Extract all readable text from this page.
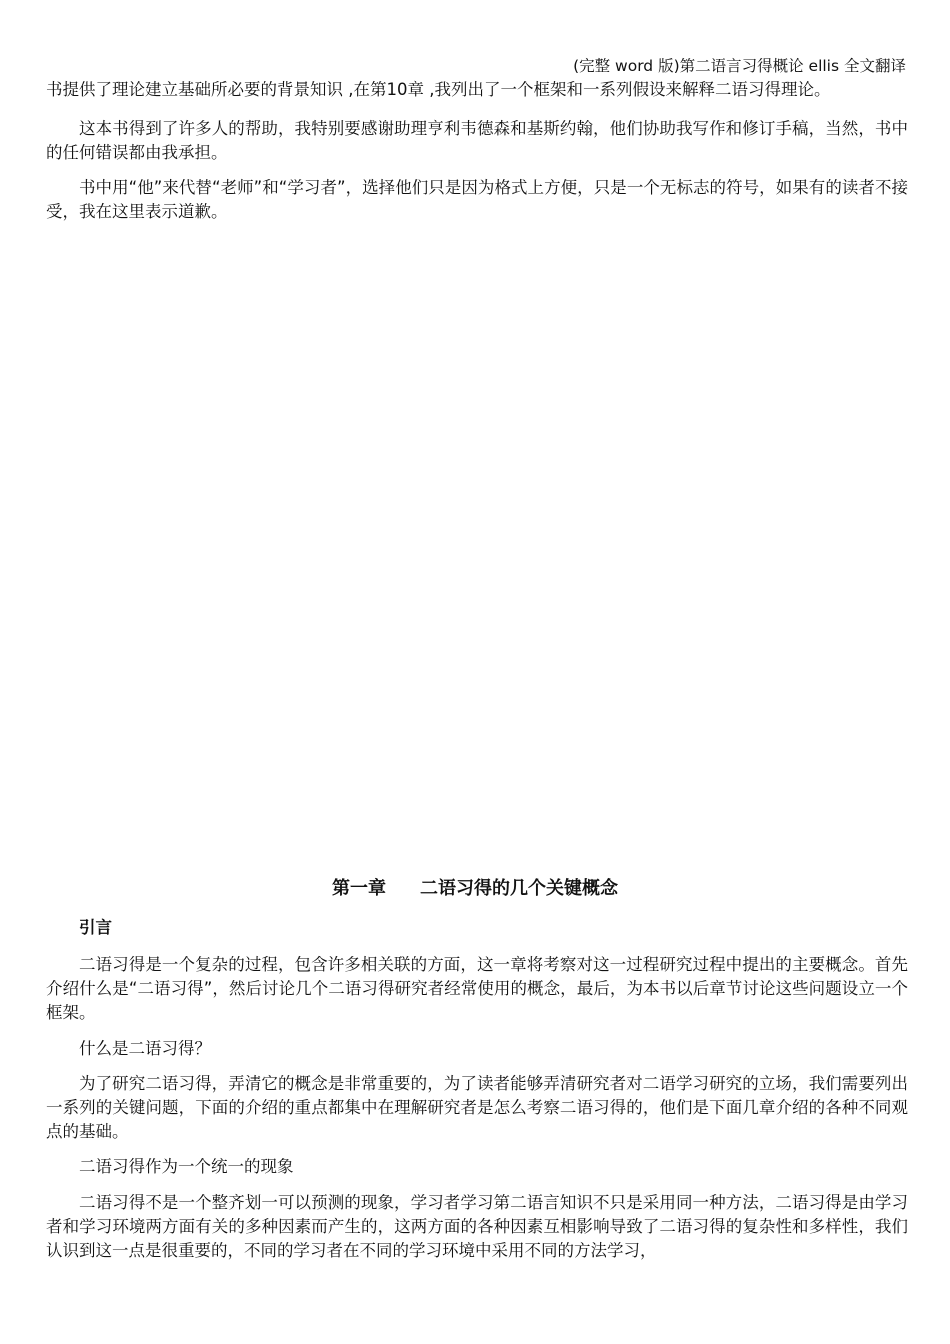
(完整 word 版)第二语言习得概论 ellis 全文翻译

书提供了理论建立基础所必要的背景知识 ,在第10章 ,我列出了一个框架和一系列假设来解释二语习得理论。

这本书得到了许多人的帮助，我特别要感谢助理亨利韦德森和基斯约翰，他们协助我写作和修订手稿，当然，书中的任何错误都由我承担。

书中用“他”来代替“老师”和“学习者”，选择他们只是因为格式上方便，只是一个无标志的符号，如果有的读者不接受，我在这里表示道歉。

第一章 二语习得的几个关键概念

引言

二语习得是一个复杂的过程，包含许多相关联的方面，这一章将考察对这一过程研究过程中提出的主要概念。首先介绍什么是“二语习得”，然后讨论几个二语习得研究者经常使用的概念，最后，为本书以后章节讨论这些问题设立一个框架。

什么是二语习得？

为了研究二语习得，弄清它的概念是非常重要的，为了读者能够弄清研究者对二语学习研究的立场，我们需要列出一系列的关键问题，下面的介绍的重点都集中在理解研究者是怎么考察二语习得的，他们是下面几章介绍的各种不同观点的基础。

二语习得作为一个统一的现象

二语习得不是一个整齐划一可以预测的现象，学习者学习第二语言知识不只是采用同一种方法，二语习得是由学习者和学习环境两方面有关的多种因素而产生的，这两方面的各种因素互相影响导致了二语习得的复杂性和多样性，我们认识到这一点是很重要的，不同的学习者在不同的学习环境中采用不同的方法学习，
